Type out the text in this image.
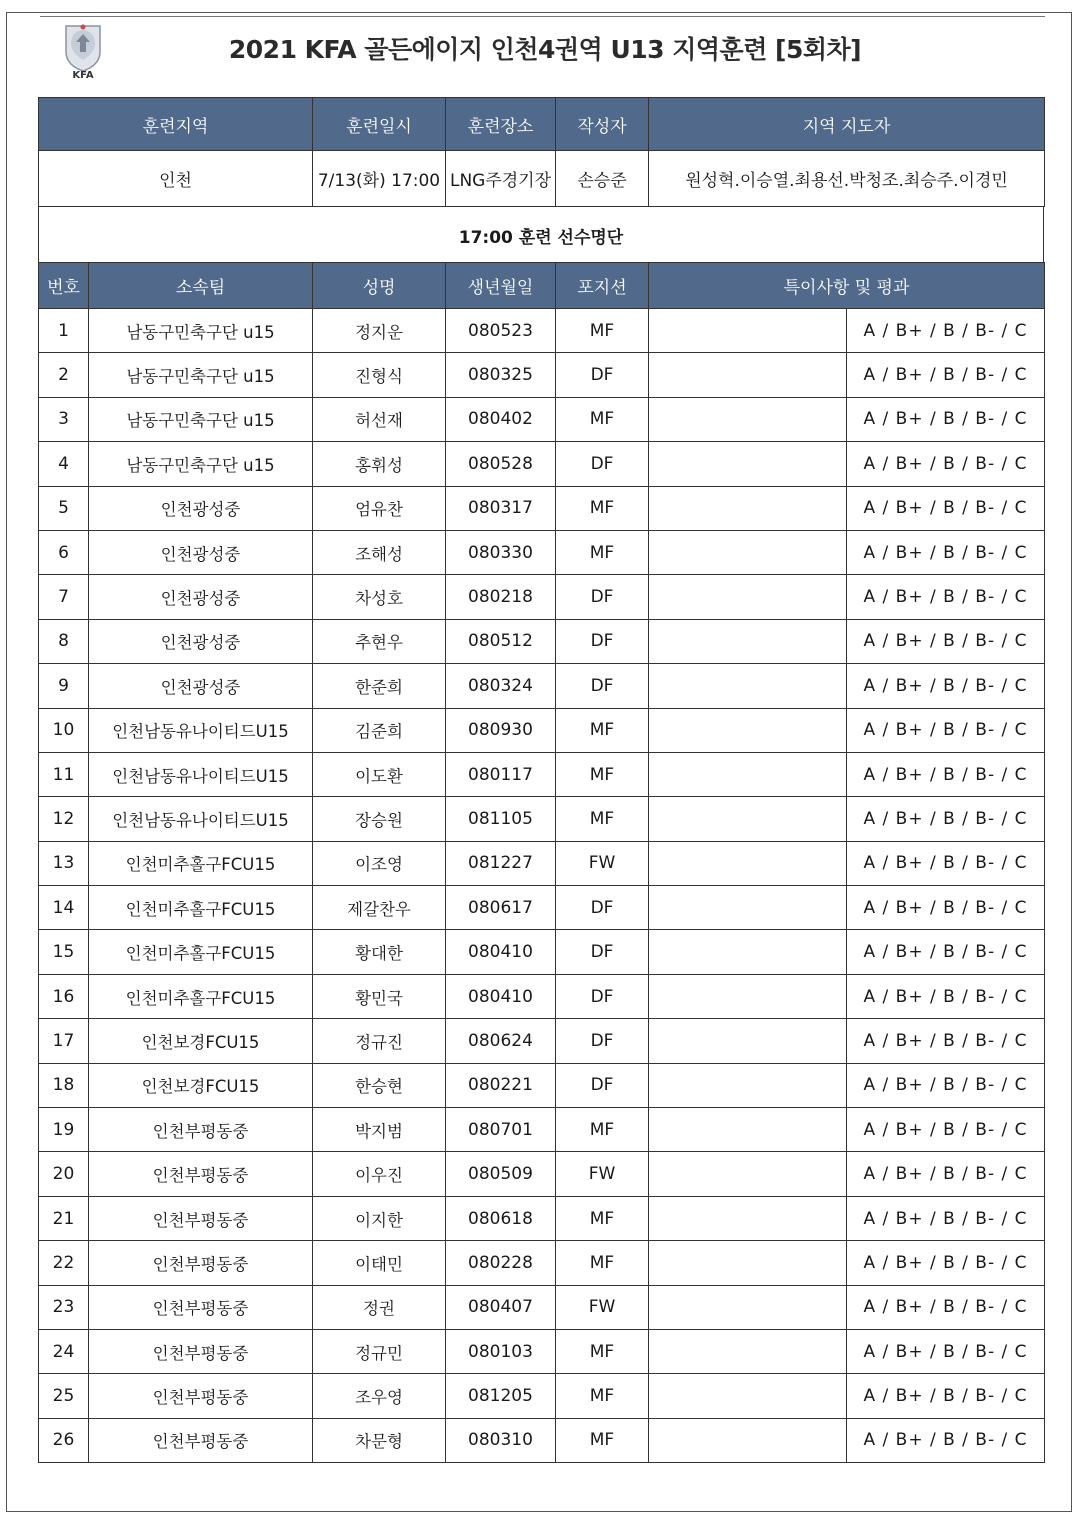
KFA
2021 KFA 골든에이지 인천4권역 U13 지역훈련 [5회차]
훈련지역	훈련일시	훈련장소	작성자	지역 지도자
인천	7/13(화) 17:00	LNG주경기장	손승준	원성혁.이승열.최용선.박청조.최승주.이경민
17:00 훈련 선수명단
번호	소속팀	성명	생년월일	포지션	특이사항 및 평과	
1	남동구민축구단 u15	정지운	080523	MF		A / B+ / B / B- / C
2	남동구민축구단 u15	진형식	080325	DF		A / B+ / B / B- / C
3	남동구민축구단 u15	허선재	080402	MF		A / B+ / B / B- / C
4	남동구민축구단 u15	홍휘성	080528	DF		A / B+ / B / B- / C
5	인천광성중	엄유찬	080317	MF		A / B+ / B / B- / C
6	인천광성중	조해성	080330	MF		A / B+ / B / B- / C
7	인천광성중	차성호	080218	DF		A / B+ / B / B- / C
8	인천광성중	추현우	080512	DF		A / B+ / B / B- / C
9	인천광성중	한준희	080324	DF		A / B+ / B / B- / C
10	인천남동유나이티드U15	김준희	080930	MF		A / B+ / B / B- / C
11	인천남동유나이티드U15	이도환	080117	MF		A / B+ / B / B- / C
12	인천남동유나이티드U15	장승원	081105	MF		A / B+ / B / B- / C
13	인천미추홀구FCU15	이조영	081227	FW		A / B+ / B / B- / C
14	인천미추홀구FCU15	제갈찬우	080617	DF		A / B+ / B / B- / C
15	인천미추홀구FCU15	황대한	080410	DF		A / B+ / B / B- / C
16	인천미추홀구FCU15	황민국	080410	DF		A / B+ / B / B- / C
17	인천보경FCU15	정규진	080624	DF		A / B+ / B / B- / C
18	인천보경FCU15	한승현	080221	DF		A / B+ / B / B- / C
19	인천부평동중	박지범	080701	MF		A / B+ / B / B- / C
20	인천부평동중	이우진	080509	FW		A / B+ / B / B- / C
21	인천부평동중	이지한	080618	MF		A / B+ / B / B- / C
22	인천부평동중	이태민	080228	MF		A / B+ / B / B- / C
23	인천부평동중	정권	080407	FW		A / B+ / B / B- / C
24	인천부평동중	정규민	080103	MF		A / B+ / B / B- / C
25	인천부평동중	조우영	081205	MF		A / B+ / B / B- / C
26	인천부평동중	차문형	080310	MF		A / B+ / B / B- / C
